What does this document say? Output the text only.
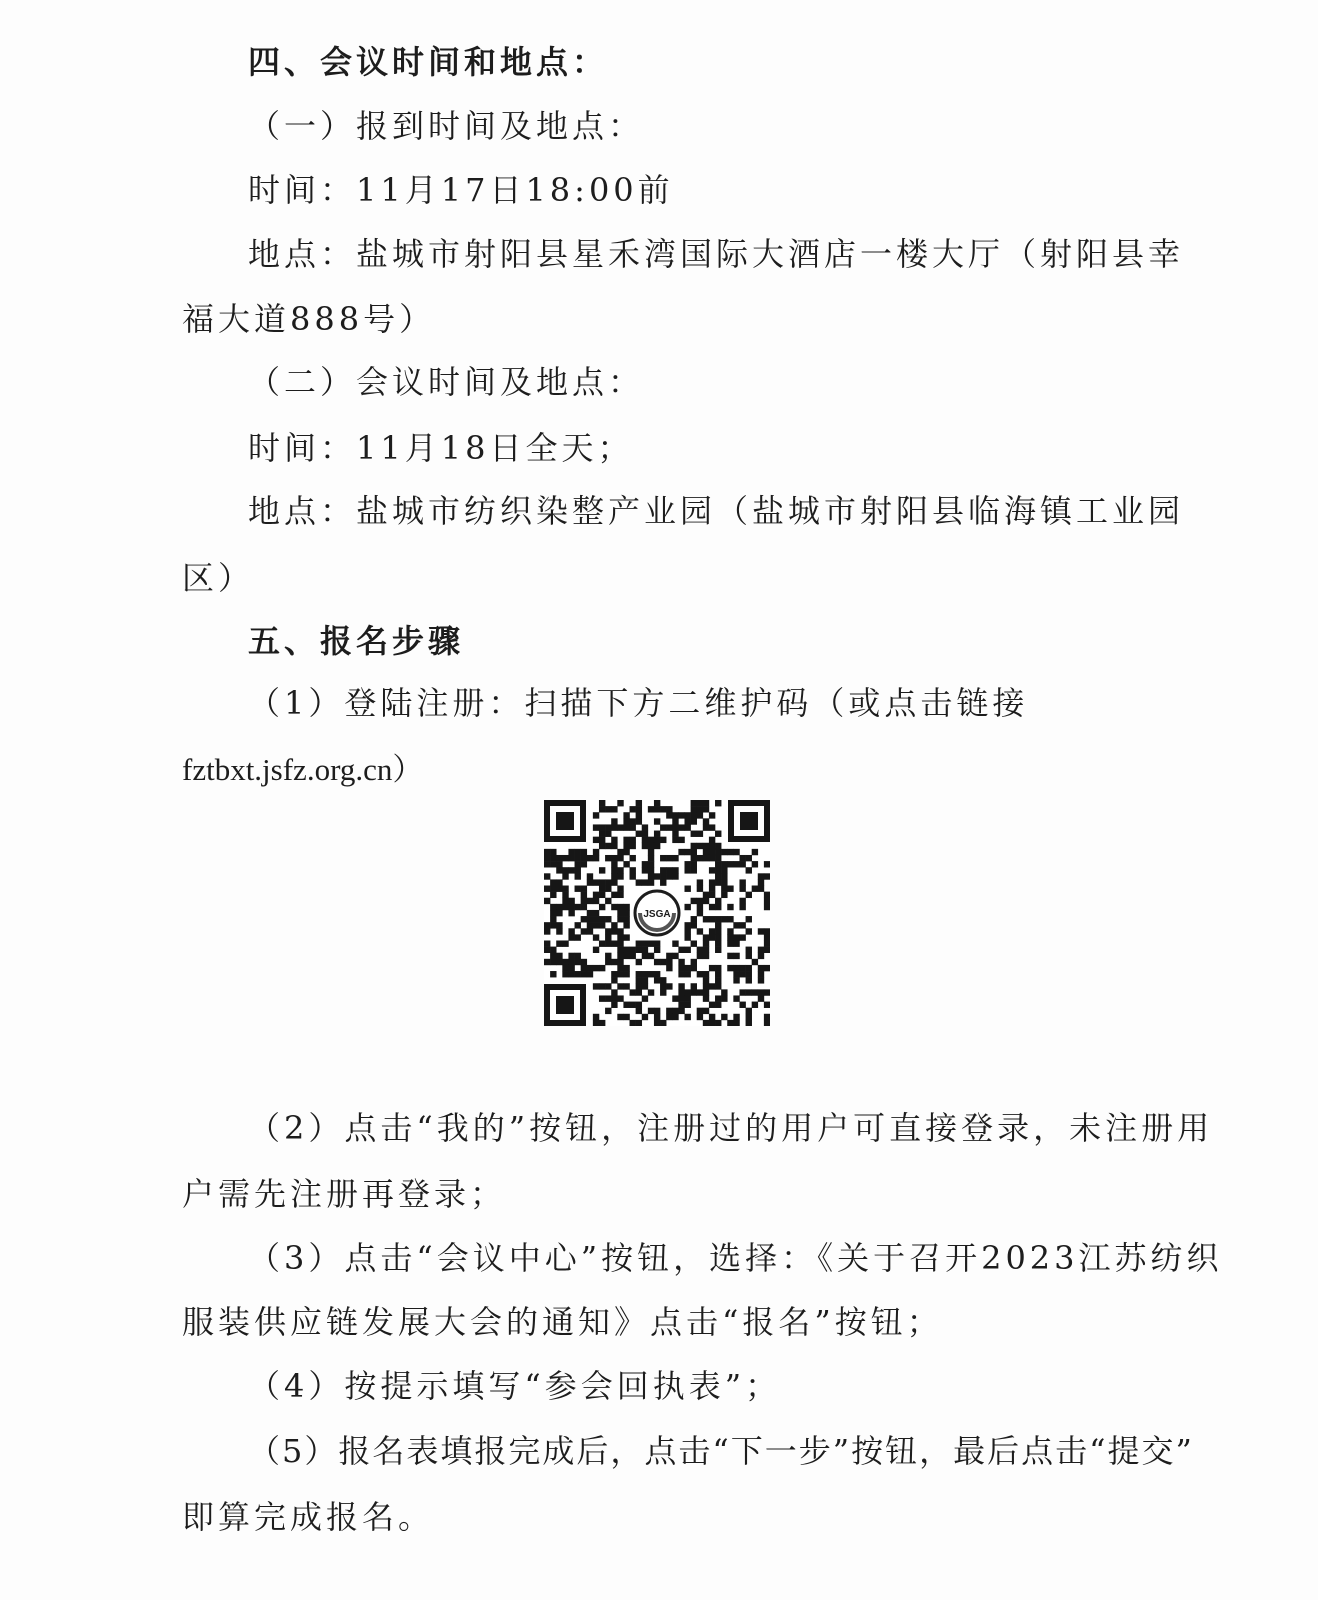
四、会议时间和地点：
（一）报到时间及地点：
时间：11月17日18:00前
地点：盐城市射阳县星禾湾国际大酒店一楼大厅（射阳县幸
福大道888号）
（二）会议时间及地点：
时间：11月18日全天；
地点：盐城市纺织染整产业园（盐城市射阳县临海镇工业园
区）
五、报名步骤
（1）登陆注册：扫描下方二维护码（或点击链接
fztbxt.jsfz.org.cn）
JSGA
（2）点击“我的”按钮，注册过的用户可直接登录，未注册用
户需先注册再登录；
（3）点击“会议中心”按钮，选择：《关于召开2023江苏纺织
服装供应链发展大会的通知》点击“报名”按钮；
（4）按提示填写“参会回执表”；
（5）报名表填报完成后，点击“下一步”按钮，最后点击“提交”
即算完成报名。
